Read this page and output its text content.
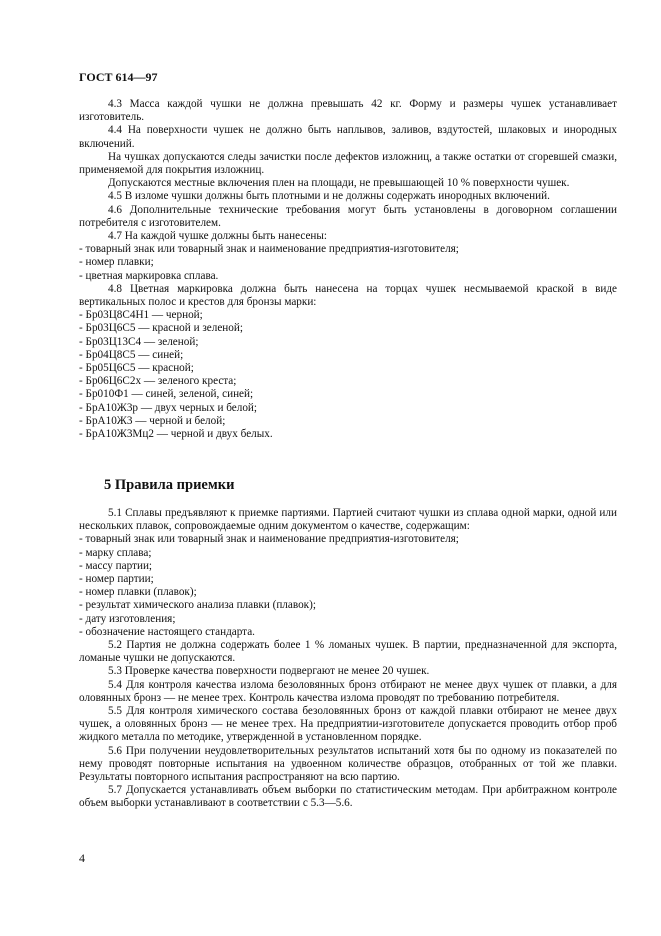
ГОСТ 614—97

4.3 Масса каждой чушки не должна превышать 42 кг. Форму и размеры чушек устанавливает изготовитель.

4.4 На поверхности чушек не должно быть наплывов, заливов, вздутостей, шлаковых и инородных включений.

На чушках допускаются следы зачистки после дефектов изложниц, а также остатки от сгоревшей смазки, применяемой для покрытия изложниц.

Допускаются местные включения плен на площади, не превышающей 10 % поверхности чушек.

4.5 В изломе чушки должны быть плотными и не должны содержать инородных включений.

4.6 Дополнительные технические требования могут быть установлены в договорном соглашении потребителя с изготовителем.

4.7 На каждой чушке должны быть нанесены:

- товарный знак или товарный знак и наименование предприятия-изготовителя;

- номер плавки;

- цветная маркировка сплава.

4.8 Цветная маркировка должна быть нанесена на торцах чушек несмываемой краской в виде вертикальных полос и крестов для бронзы марки:

- Бр03Ц8С4Н1 — черной;

- Бр03Ц6С5 — красной и зеленой;

- Бр03Ц13С4 — зеленой;

- Бр04Ц8С5 — синей;

- Бр05Ц6С5 — красной;

- Бр06Ц6С2х — зеленого креста;

- Бр010Ф1 — синей, зеленой, синей;

- БрА10Ж3р — двух черных и белой;

- БрА10Ж3 — черной и белой;

- БрА10Ж3Мц2 — черной и двух белых.

5 Правила приемки

5.1 Сплавы предъявляют к приемке партиями. Партией считают чушки из сплава одной марки, одной или нескольких плавок, сопровождаемые одним документом о качестве, содержащим:

- товарный знак или товарный знак и наименование предприятия-изготовителя;

- марку сплава;

- массу партии;

- номер партии;

- номер плавки (плавок);

- результат химического анализа плавки (плавок);

- дату изготовления;

- обозначение настоящего стандарта.

5.2 Партия не должна содержать более 1 % ломаных чушек. В партии, предназначенной для экспорта, ломаные чушки не допускаются.

5.3 Проверке качества поверхности подвергают не менее 20 чушек.

5.4 Для контроля качества излома безоловянных бронз отбирают не менее двух чушек от плавки, а для оловянных бронз — не менее трех. Контроль качества излома проводят по требованию потребителя.

5.5 Для контроля химического состава безоловянных бронз от каждой плавки отбирают не менее двух чушек, а оловянных бронз — не менее трех. На предприятии-изготовителе допускается проводить отбор проб жидкого металла по методике, утвержденной в установленном порядке.

5.6 При получении неудовлетворительных результатов испытаний хотя бы по одному из показателей по нему проводят повторные испытания на удвоенном количестве образцов, отобранных от той же плавки. Результаты повторного испытания распространяют на всю партию.

5.7 Допускается устанавливать объем выборки по статистическим методам. При арбитражном контроле объем выборки устанавливают в соответствии с 5.3—5.6.

4
